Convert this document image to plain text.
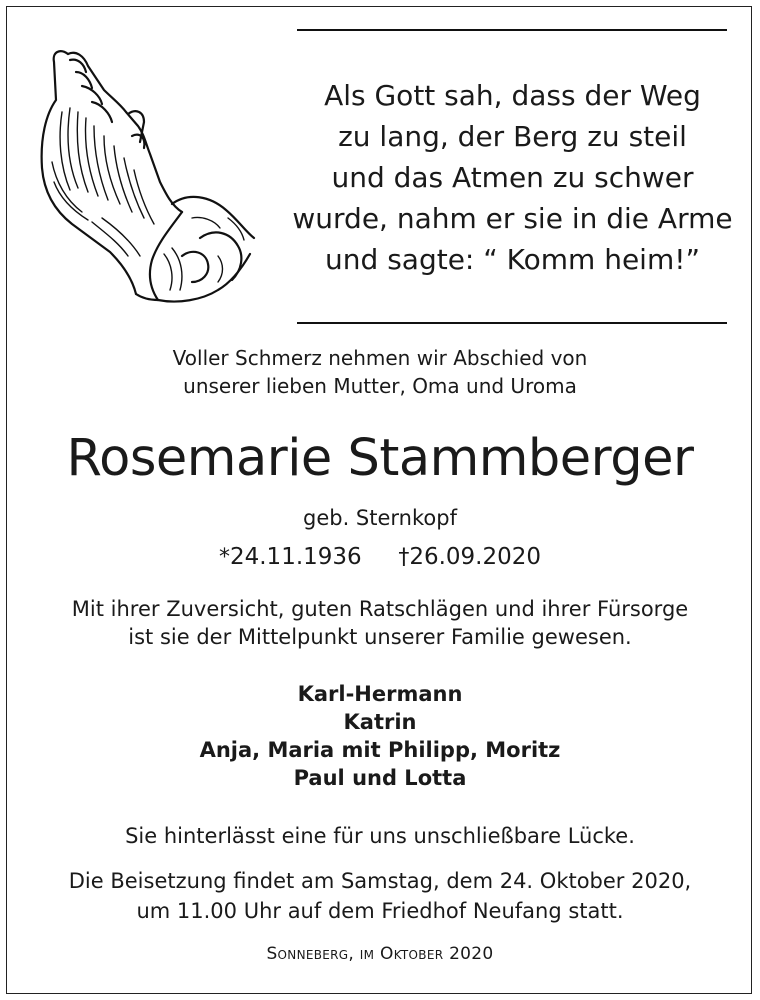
Als Gott sah, dass der Weg
zu lang, der Berg zu steil
und das Atmen zu schwer
wurde, nahm er sie in die Arme
und sagte: “ Komm heim!”
Voller Schmerz nehmen wir Abschied von
unserer lieben Mutter, Oma und Uroma
Rosemarie Stammberger
geb. Sternkopf
*24.11.1936 †26.09.2020
Mit ihrer Zuversicht, guten Ratschlägen und ihrer Fürsorge
ist sie der Mittelpunkt unserer Familie gewesen.
Karl-Hermann
Katrin
Anja, Maria mit Philipp, Moritz
Paul und Lotta
Sie hinterlässt eine für uns unschließbare Lücke.
Die Beisetzung findet am Samstag, dem 24. Oktober 2020,
um 11.00 Uhr auf dem Friedhof Neufang statt.
Sonneberg, im Oktober 2020
